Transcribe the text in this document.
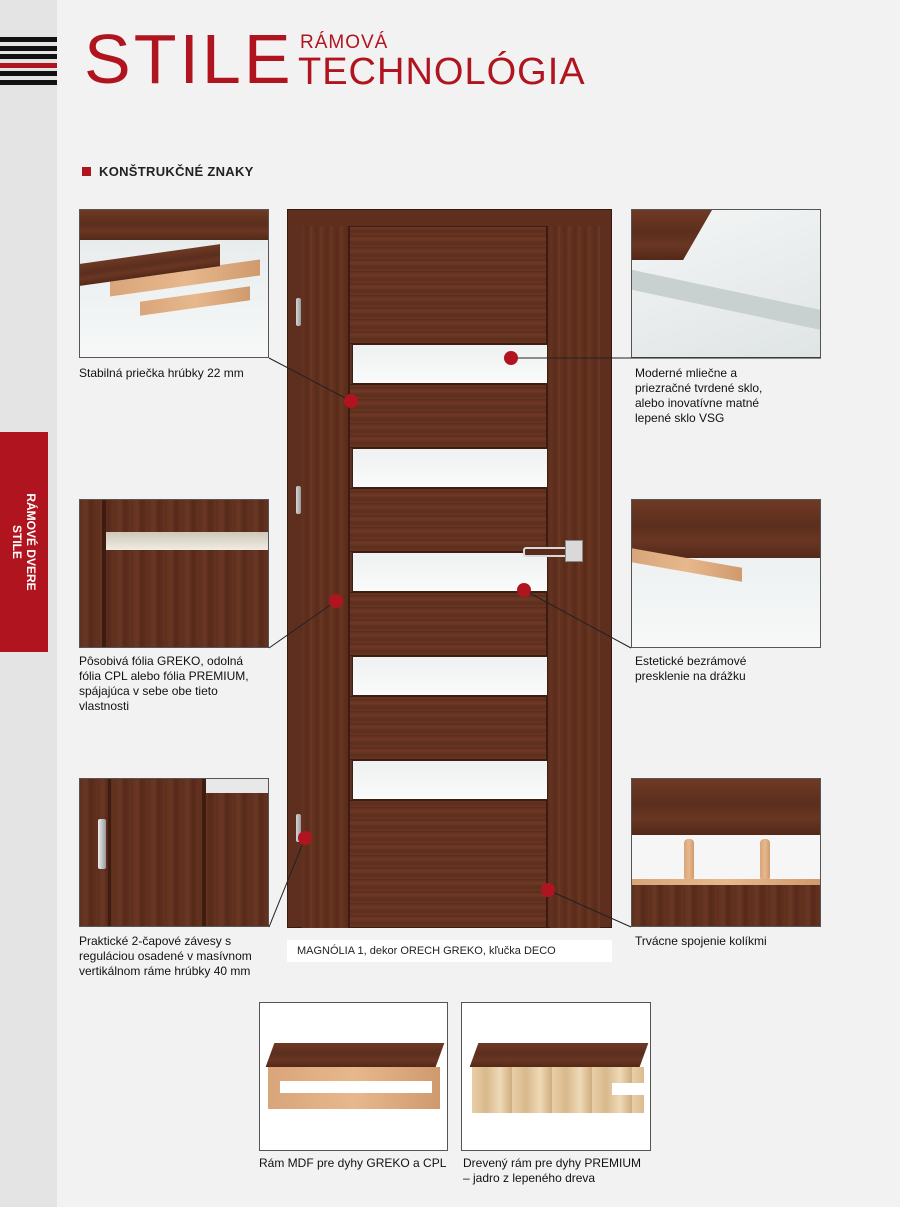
RÁMOVÉ DVERE
STILE
STILE RÁMOVÁ
TECHNOLÓGIA
KONŠTRUKČNÉ ZNAKY
Stabilná priečka hrúbky 22 mm	Moderné mliečne a priezračné tvrdené sklo, alebo inovatívne matné lepené sklo VSG
Pôsobivá fólia GREKO, odolná fólia CPL alebo fólia PREMIUM, spájajúca v sebe obe tieto vlastnosti
Estetické bezrámové presklenie na drážku
Praktické 2-čapové závesy s reguláciou osadené v masívnom vertikálnom ráme hrúbky 40 mm
Trvácne spojenie kolíkmi
MAGNÓLIA 1, dekor ORECH GREKO, kľučka DECO
Rám MDF pre dyhy GREKO a CPL Drevený rám pre dyhy PREMIUM
– jadro z lepeného dreva
